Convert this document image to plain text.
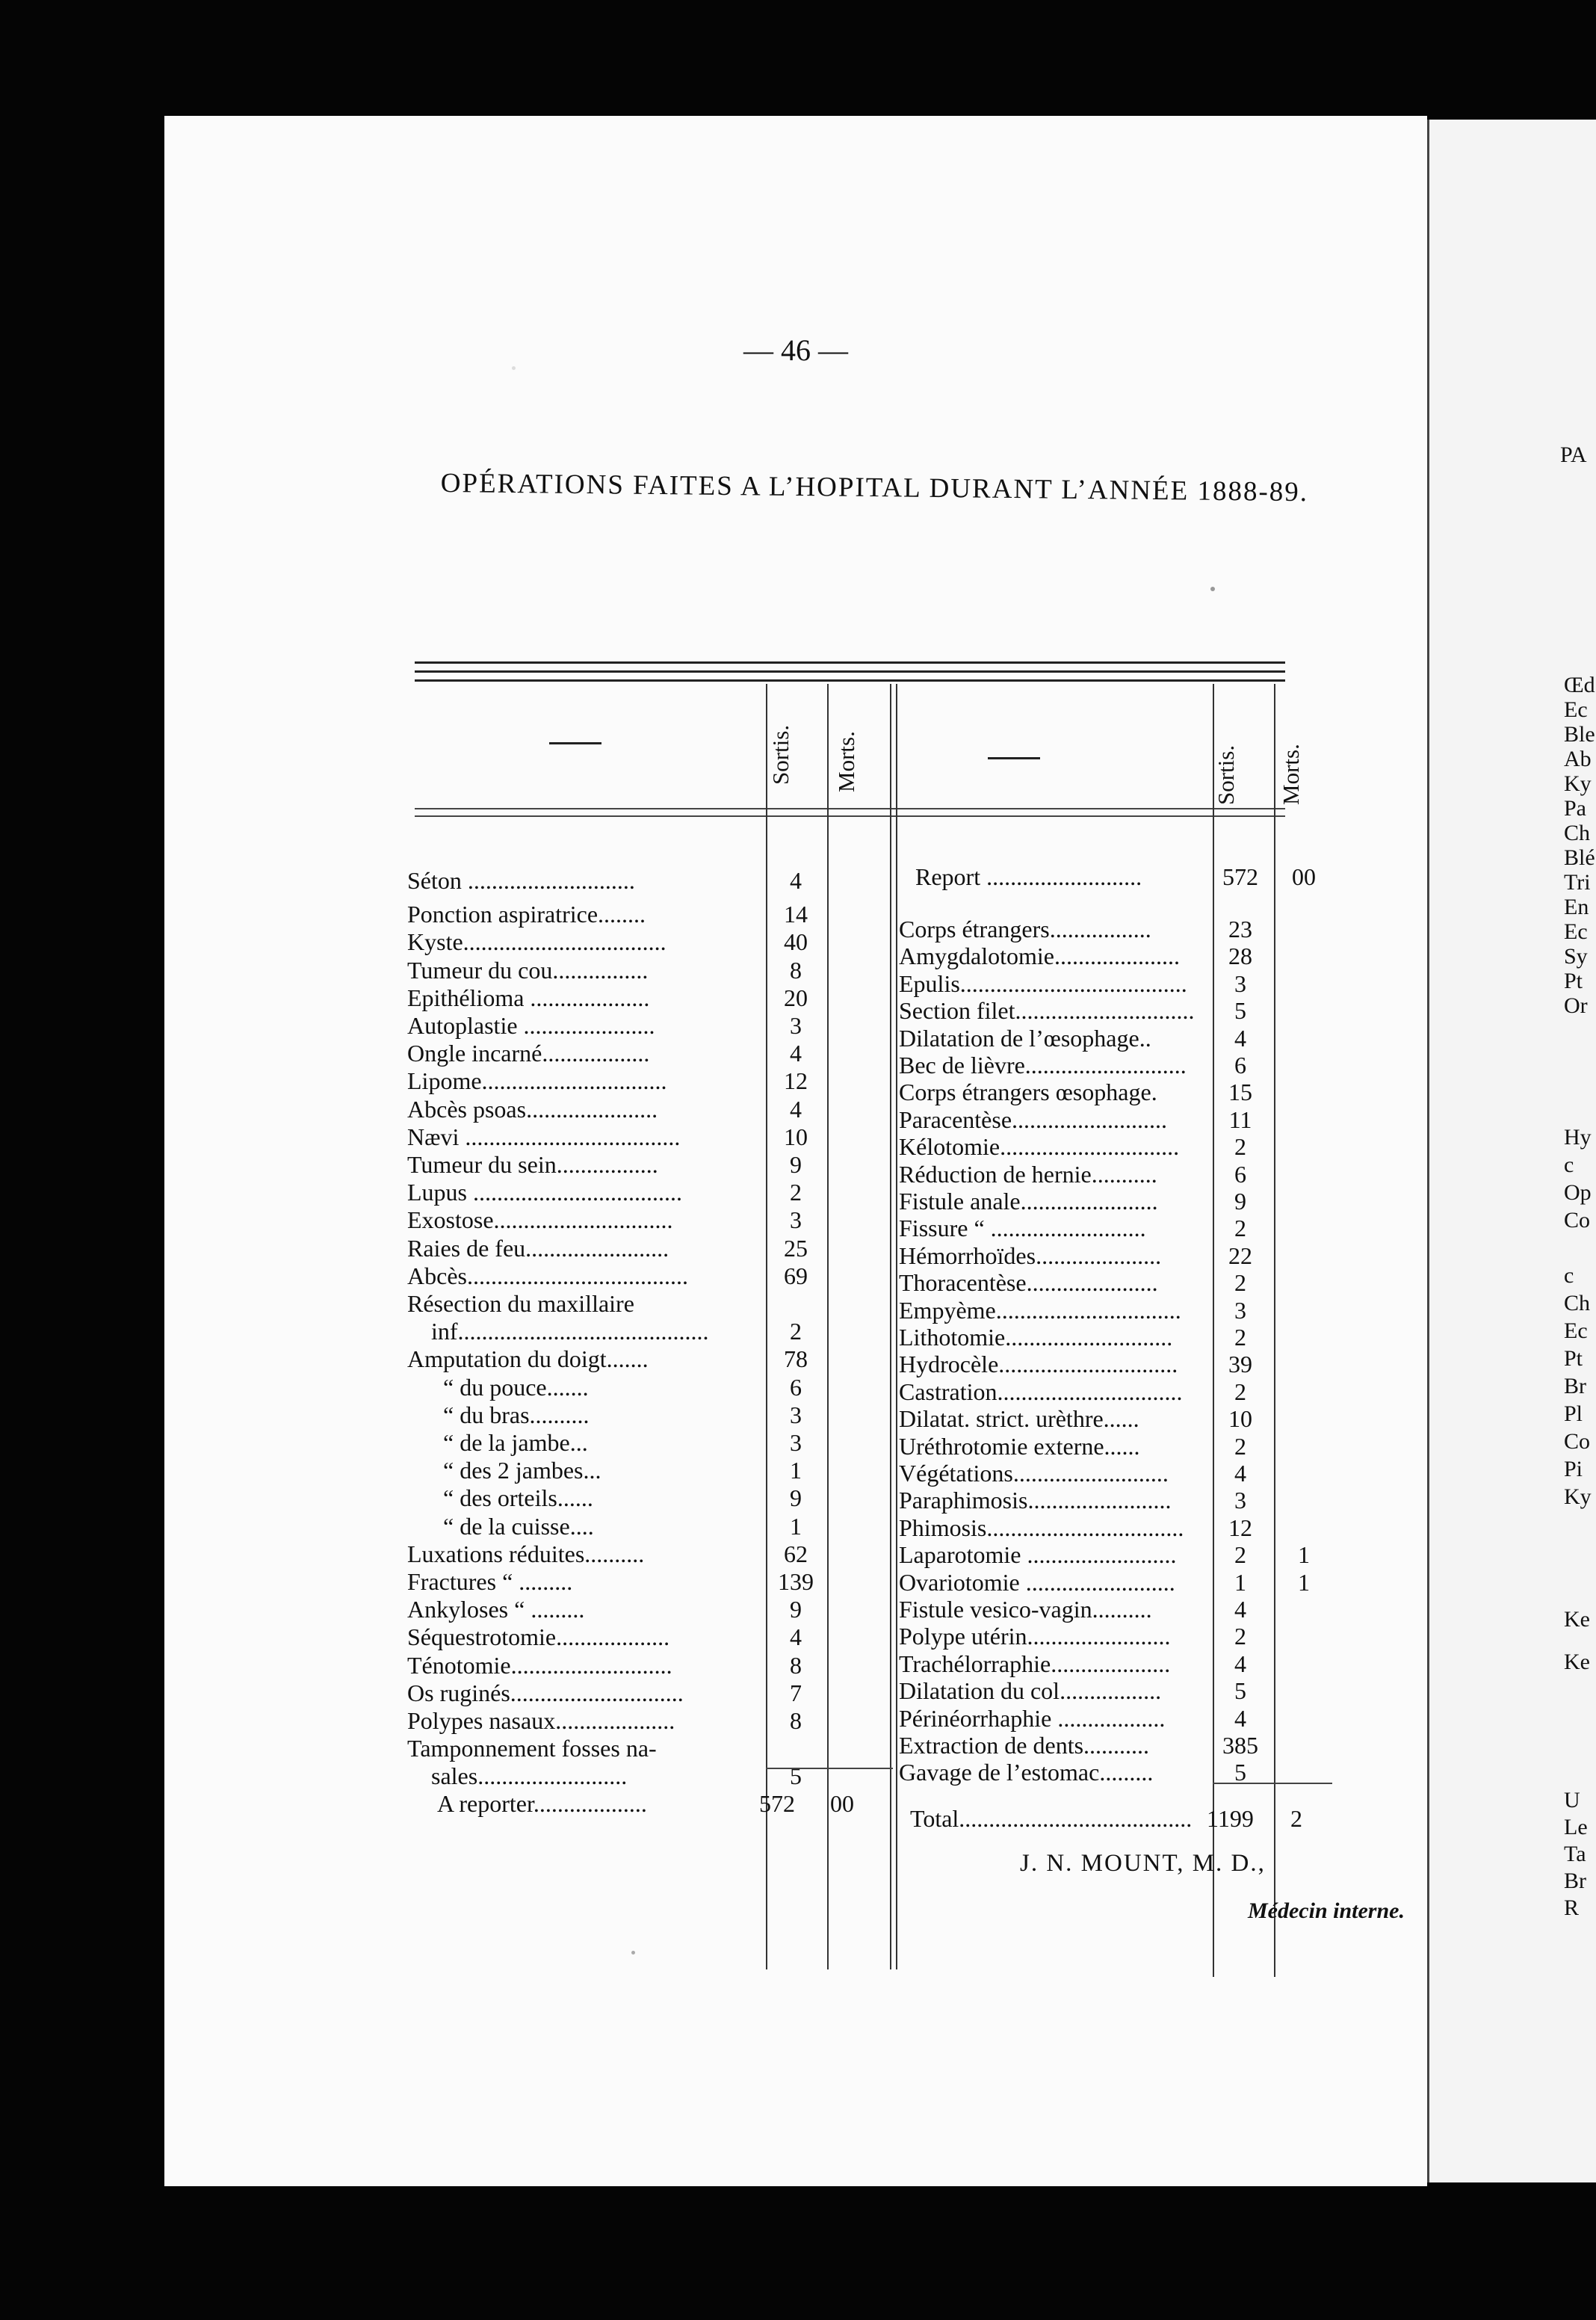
— 46 —
OPÉRATIONS FAITES A L’HOPITAL DURANT L’ANNÉE 1888-89.
Sortis. Morts.	Sortis. Morts.
Séton ............................	4
Ponction aspiratrice........	14
Kyste..................................	40
Tumeur du cou................	8
Epithélioma ....................	20
Autoplastie ......................	3
Ongle incarné..................	4
Lipome...............................	12
Abcès psoas......................	4
Nævi ....................................	10
Tumeur du sein.................	9
Lupus ...................................	2
Exostose..............................	3
Raies de feu........................	25
Abcès.....................................	69
Résection du maxillaire
inf..........................................	2
Amputation du doigt.......	78
“ du pouce.......	6
“ du bras..........	3
“ de la jambe...	3
“ des 2 jambes...	1
“ des orteils......	9
“ de la cuisse....	1
Luxations réduites..........	62
Fractures “ .........	139
Ankyloses “ .........	9
Séquestrotomie...................	4
Ténotomie...........................	8
Os ruginés.............................	7
Polypes nasaux....................	8
Tamponnement fosses na-
sales.........................	5
A reporter...................	572	00
Report ..........................	572	00
Corps étrangers.................	23
Amygdalotomie.....................	28
Epulis......................................	3
Section filet..............................	5
Dilatation de l’œsophage..	4
Bec de lièvre...........................	6
Corps étrangers œsophage.	15
Paracentèse..........................	11
Kélotomie..............................	2
Réduction de hernie...........	6
Fistule anale.......................	9
Fissure “ ..........................	2
Hémorrhoïdes.....................	22
Thoracentèse......................	2
Empyème...............................	3
Lithotomie............................	2
Hydrocèle..............................	39
Castration...............................	2
Dilatat. strict. urèthre......	10
Uréthrotomie externe......	2
Végétations..........................	4
Paraphimosis........................	3
Phimosis.................................	12
Laparotomie .........................	2	1
Ovariotomie .........................	1	1
Fistule vesico-vagin..........	4
Polype utérin........................	2
Trachélorraphie....................	4
Dilatation du col.................	5
Périnéorrhaphie ..................	4
Extraction de dents...........	385
Gavage de l’estomac.........	5
Total....................................... 1199	2
J. N. MOUNT, M. D.,
Médecin interne.
PA
Œd
Ec
Ble
Ab
Ky
Pa
Ch
Blé
Tri
En
Ec
Sy
Pt
Or
Hy
c
Op
Co
c
Ch
Ec
Pt
Br
Pl
Co
Pi
Ky
Ke
Ke
U
Le
Ta
Br
R
